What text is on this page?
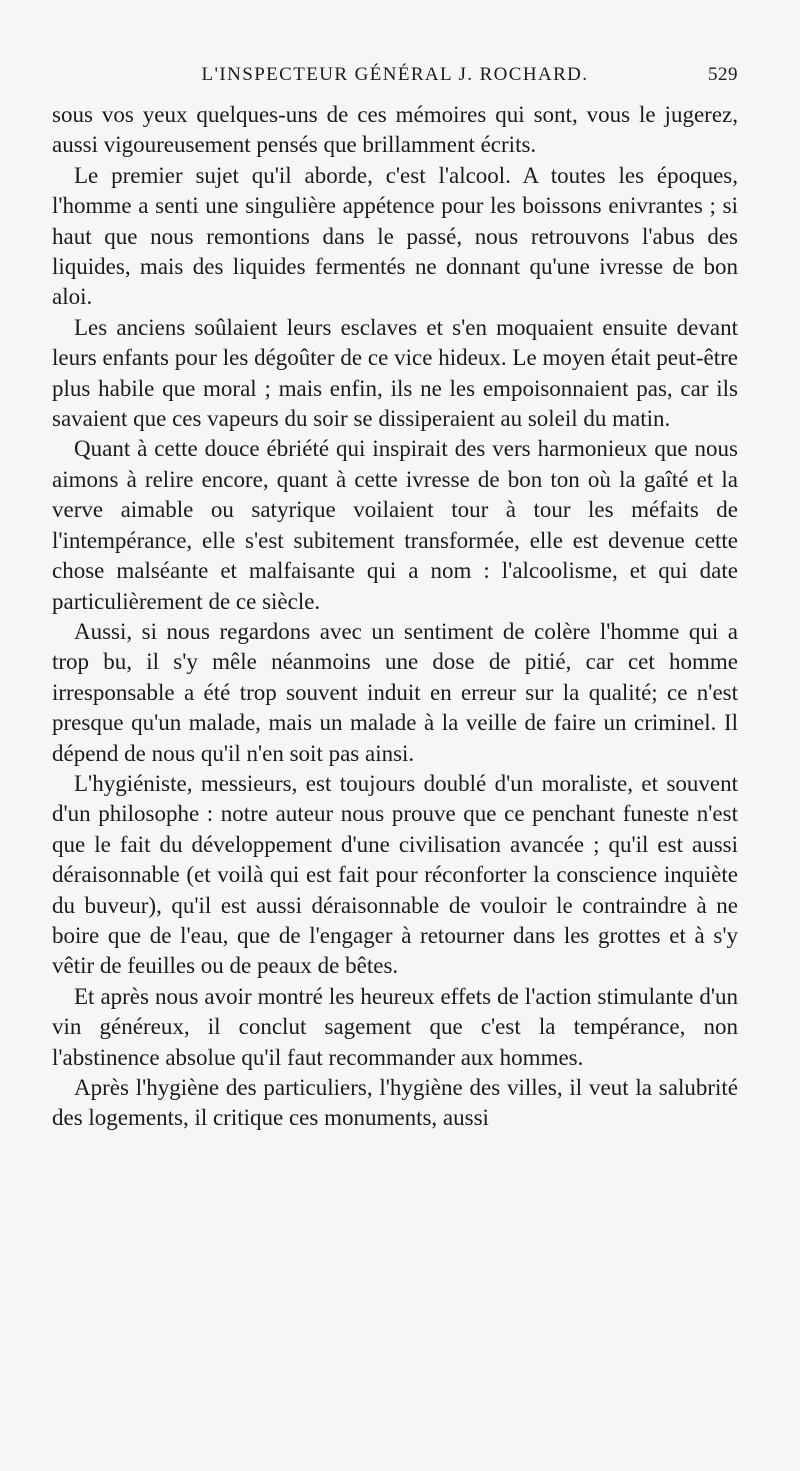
L'INSPECTEUR GÉNÉRAL J. ROCHARD.	529

sous vos yeux quelques-uns de ces mémoires qui sont, vous le jugerez, aussi vigoureusement pensés que brillamment écrits.

Le premier sujet qu'il aborde, c'est l'alcool. A toutes les époques, l'homme a senti une singulière appétence pour les boissons enivrantes ; si haut que nous remontions dans le passé, nous retrouvons l'abus des liquides, mais des liquides fermentés ne donnant qu'une ivresse de bon aloi.

Les anciens soûlaient leurs esclaves et s'en moquaient ensuite devant leurs enfants pour les dégoûter de ce vice hideux. Le moyen était peut-être plus habile que moral ; mais enfin, ils ne les empoisonnaient pas, car ils savaient que ces vapeurs du soir se dissiperaient au soleil du matin.

Quant à cette douce ébriété qui inspirait des vers harmonieux que nous aimons à relire encore, quant à cette ivresse de bon ton où la gaîté et la verve aimable ou satyrique voilaient tour à tour les méfaits de l'intempérance, elle s'est subitement transformée, elle est devenue cette chose malséante et malfaisante qui a nom : l'alcoolisme, et qui date particulièrement de ce siècle.

Aussi, si nous regardons avec un sentiment de colère l'homme qui a trop bu, il s'y mêle néanmoins une dose de pitié, car cet homme irresponsable a été trop souvent induit en erreur sur la qualité; ce n'est presque qu'un malade, mais un malade à la veille de faire un criminel. Il dépend de nous qu'il n'en soit pas ainsi.

L'hygiéniste, messieurs, est toujours doublé d'un moraliste, et souvent d'un philosophe : notre auteur nous prouve que ce penchant funeste n'est que le fait du développement d'une civilisation avancée ; qu'il est aussi déraisonnable (et voilà qui est fait pour réconforter la conscience inquiète du buveur), qu'il est aussi déraisonnable de vouloir le contraindre à ne boire que de l'eau, que de l'engager à retourner dans les grottes et à s'y vêtir de feuilles ou de peaux de bêtes.

Et après nous avoir montré les heureux effets de l'action stimulante d'un vin généreux, il conclut sagement que c'est la tempérance, non l'abstinence absolue qu'il faut recommander aux hommes.

Après l'hygiène des particuliers, l'hygiène des villes, il veut la salubrité des logements, il critique ces monuments, aussi
